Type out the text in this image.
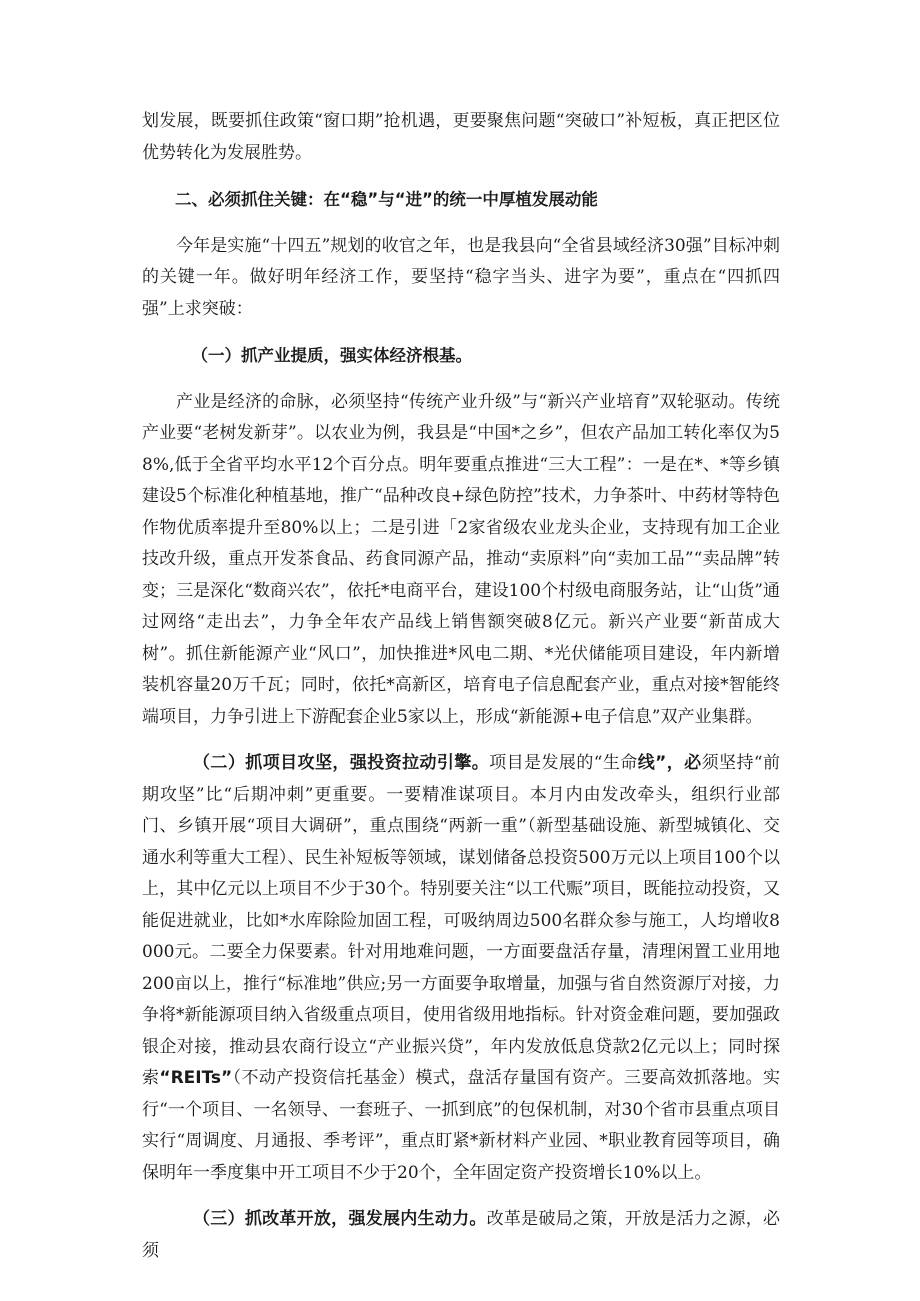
划发展，既要抓住政策“窗口期”抢机遇，更要聚焦问题“突破口”补短板，真正把区位优势转化为发展胜势。

二、必须抓住关键：在“稳”与“进”的统一中厚植发展动能

今年是实施“十四五”规划的收官之年，也是我县向“全省县域经济30强”目标冲刺的关键一年。做好明年经济工作，要坚持“稳字当头、进字为要”，重点在“四抓四强”上求突破：

（一）抓产业提质，强实体经济根基。

产业是经济的命脉，必须坚持“传统产业升级”与“新兴产业培育”双轮驱动。传统产业要“老树发新芽”。以农业为例，我县是“中国*之乡”，但农产品加工转化率仅为58%,低于全省平均水平12个百分点。明年要重点推进“三大工程”：一是在*、*等乡镇建设5个标准化种植基地，推广“品种改良+绿色防控”技术，力争茶叶、中药材等特色作物优质率提升至80%以上；二是引进「2家省级农业龙头企业，支持现有加工企业技改升级，重点开发茶食品、药食同源产品，推动“卖原料”向“卖加工品”“卖品牌”转变；三是深化“数商兴农”，依托*电商平台，建设100个村级电商服务站，让“山货”通过网络“走出去”，力争全年农产品线上销售额突破8亿元。新兴产业要“新苗成大树”。抓住新能源产业“风口”，加快推进*风电二期、*光伏储能项目建设，年内新增装机容量20万千瓦；同时，依托*高新区，培育电子信息配套产业，重点对接*智能终端项目，力争引进上下游配套企业5家以上，形成“新能源+电子信息”双产业集群。

（二）抓项目攻坚，强投资拉动引擎。项目是发展的“生命线”，必须坚持“前期攻坚”比“后期冲刺”更重要。一要精准谋项目。本月内由发改牵头，组织行业部门、乡镇开展“项目大调研”，重点围绕“两新一重”（新型基础设施、新型城镇化、交通水利等重大工程）、民生补短板等领域，谋划储备总投资500万元以上项目100个以上，其中亿元以上项目不少于30个。特别要关注“以工代赈”项目，既能拉动投资，又能促进就业，比如*水库除险加固工程，可吸纳周边500名群众参与施工，人均增收8000元。二要全力保要素。针对用地难问题，一方面要盘活存量，清理闲置工业用地200亩以上，推行“标准地”供应;另一方面要争取增量，加强与省自然资源厅对接，力争将*新能源项目纳入省级重点项目，使用省级用地指标。针对资金难问题，要加强政银企对接，推动县农商行设立“产业振兴贷”，年内发放低息贷款2亿元以上；同时探索“REITs”（不动产投资信托基金）模式，盘活存量国有资产。三要高效抓落地。实行“一个项目、一名领导、一套班子、一抓到底”的包保机制，对30个省市县重点项目实行“周调度、月通报、季考评”，重点盯紧*新材料产业园、*职业教育园等项目，确保明年一季度集中开工项目不少于20个，全年固定资产投资增长10%以上。

（三）抓改革开放，强发展内生动力。改革是破局之策，开放是活力之源，必须
